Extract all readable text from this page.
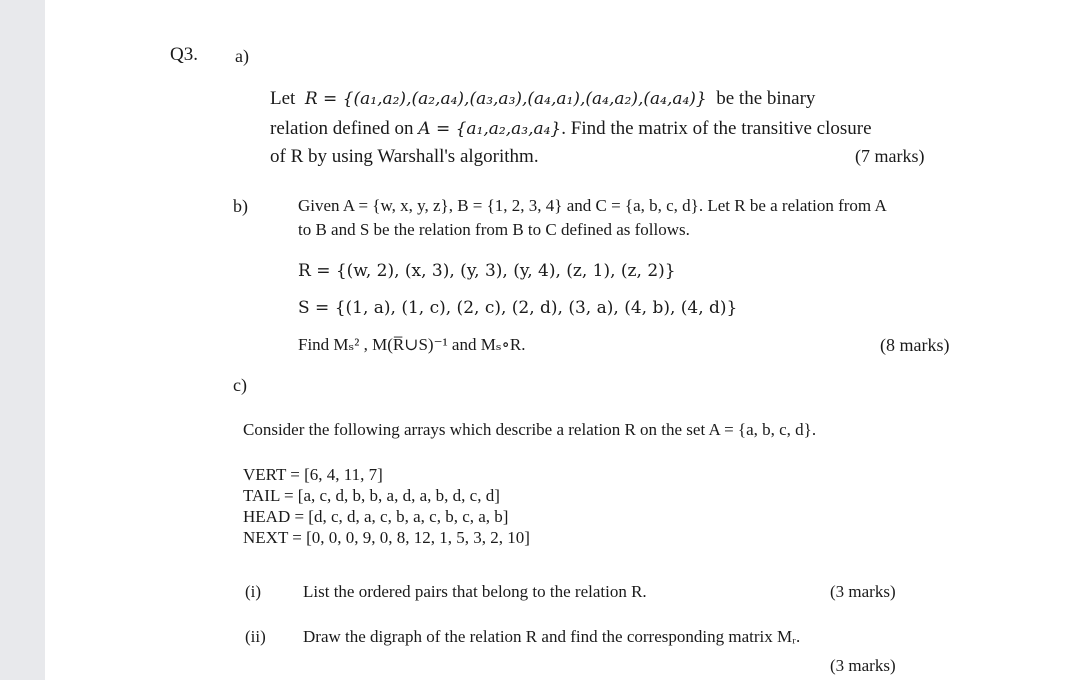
Q3. a)
Let R = {(a₁,a₂),(a₂,a₄),(a₃,a₃),(a₄,a₁),(a₄,a₂),(a₄,a₄)} be the binary
relation defined on A = {a₁,a₂,a₃,a₄}. Find the matrix of the transitive closure
of R by using Warshall's algorithm.	(7 marks)
b)	Given A = {w, x, y, z}, B = {1, 2, 3, 4} and C = {a, b, c, d}. Let R be a relation from A
to B and S be the relation from B to C defined as follows.
R = {(w, 2), (x, 3), (y, 3), (y, 4), (z, 1), (z, 2)}
S = {(1, a), (1, c), (2, c), (2, d), (3, a), (4, b), (4, d)}
Find Mₛ² , M(R̅∪S)⁻¹ and Mₛ∘R.	(8 marks)
c)
Consider the following arrays which describe a relation R on the set A = {a, b, c, d}.
VERT = [6, 4, 11, 7]
TAIL = [a, c, d, b, b, a, d, a, b, d, c, d]
HEAD = [d, c, d, a, c, b, a, c, b, c, a, b]
NEXT = [0, 0, 0, 9, 0, 8, 12, 1, 5, 3, 2, 10]
(i) List the ordered pairs that belong to the relation R.	(3 marks)
(ii) Draw the digraph of the relation R and find the corresponding matrix Mᵣ.
(3 marks)
